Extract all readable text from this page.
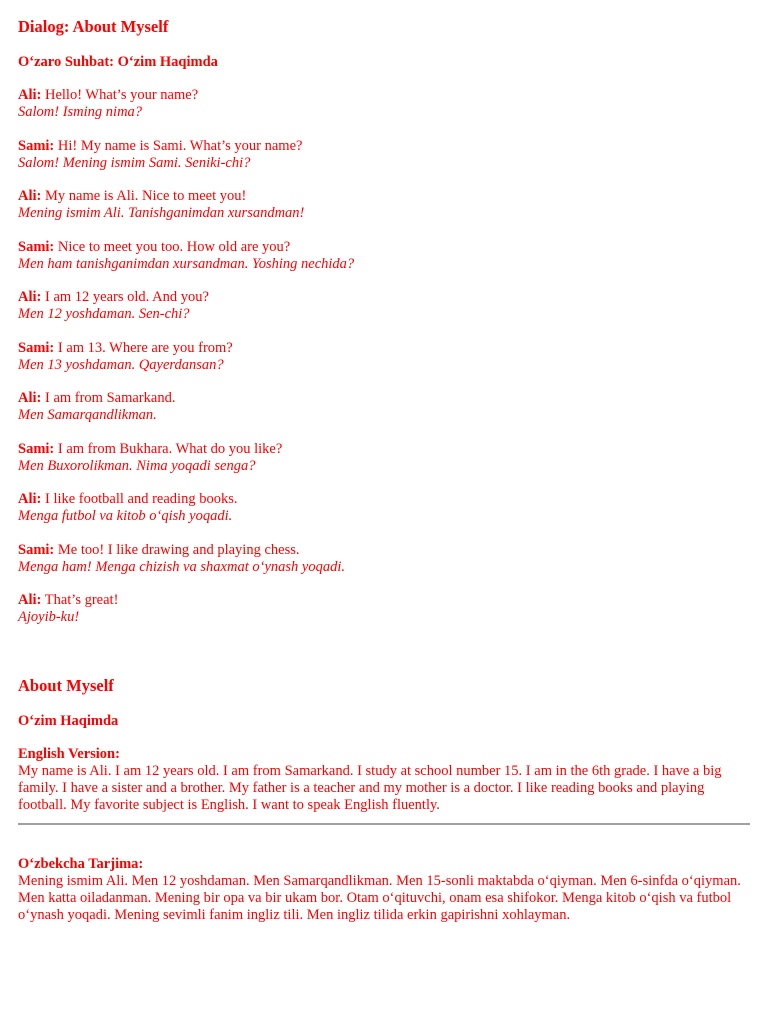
Dialog: About Myself
O‘zaro Suhbat: O‘zim Haqimda

Ali: Hello! What’s your name?

Salom! Isming nima?

Sami: Hi! My name is Sami. What’s your name?

Salom! Mening ismim Sami. Seniki-chi?

Ali: My name is Ali. Nice to meet you!

Mening ismim Ali. Tanishganimdan xursandman!

Sami: Nice to meet you too. How old are you?

Men ham tanishganimdan xursandman. Yoshing nechida?

Ali: I am 12 years old. And you?

Men 12 yoshdaman. Sen-chi?

Sami: I am 13. Where are you from?

Men 13 yoshdaman. Qayerdansan?

Ali: I am from Samarkand.

Men Samarqandlikman.

Sami: I am from Bukhara. What do you like?

Men Buxorolikman. Nima yoqadi senga?

Ali: I like football and reading books.

Menga futbol va kitob o‘qish yoqadi.

Sami: Me too! I like drawing and playing chess.

Menga ham! Menga chizish va shaxmat o‘ynash yoqadi.

Ali: That’s great!

Ajoyib-ku!

About Myself
O‘zim Haqimda

English Version:

My name is Ali. I am 12 years old. I am from Samarkand. I study at school number 15. I am in the 6th grade. I have a big family. I have a sister and a brother. My father is a teacher and my mother is a doctor. I like reading books and playing football. My favorite subject is English. I want to speak English fluently.

O‘zbekcha Tarjima:

Mening ismim Ali. Men 12 yoshdaman. Men Samarqandlikman. Men 15-sonli maktabda o‘qiyman. Men 6-sinfda o‘qiyman. Men katta oiladanman. Mening bir opa va bir ukam bor. Otam o‘qituvchi, onam esa shifokor. Menga kitob o‘qish va futbol o‘ynash yoqadi. Mening sevimli fanim ingliz tili. Men ingliz tilida erkin gapirishni xohlayman.
